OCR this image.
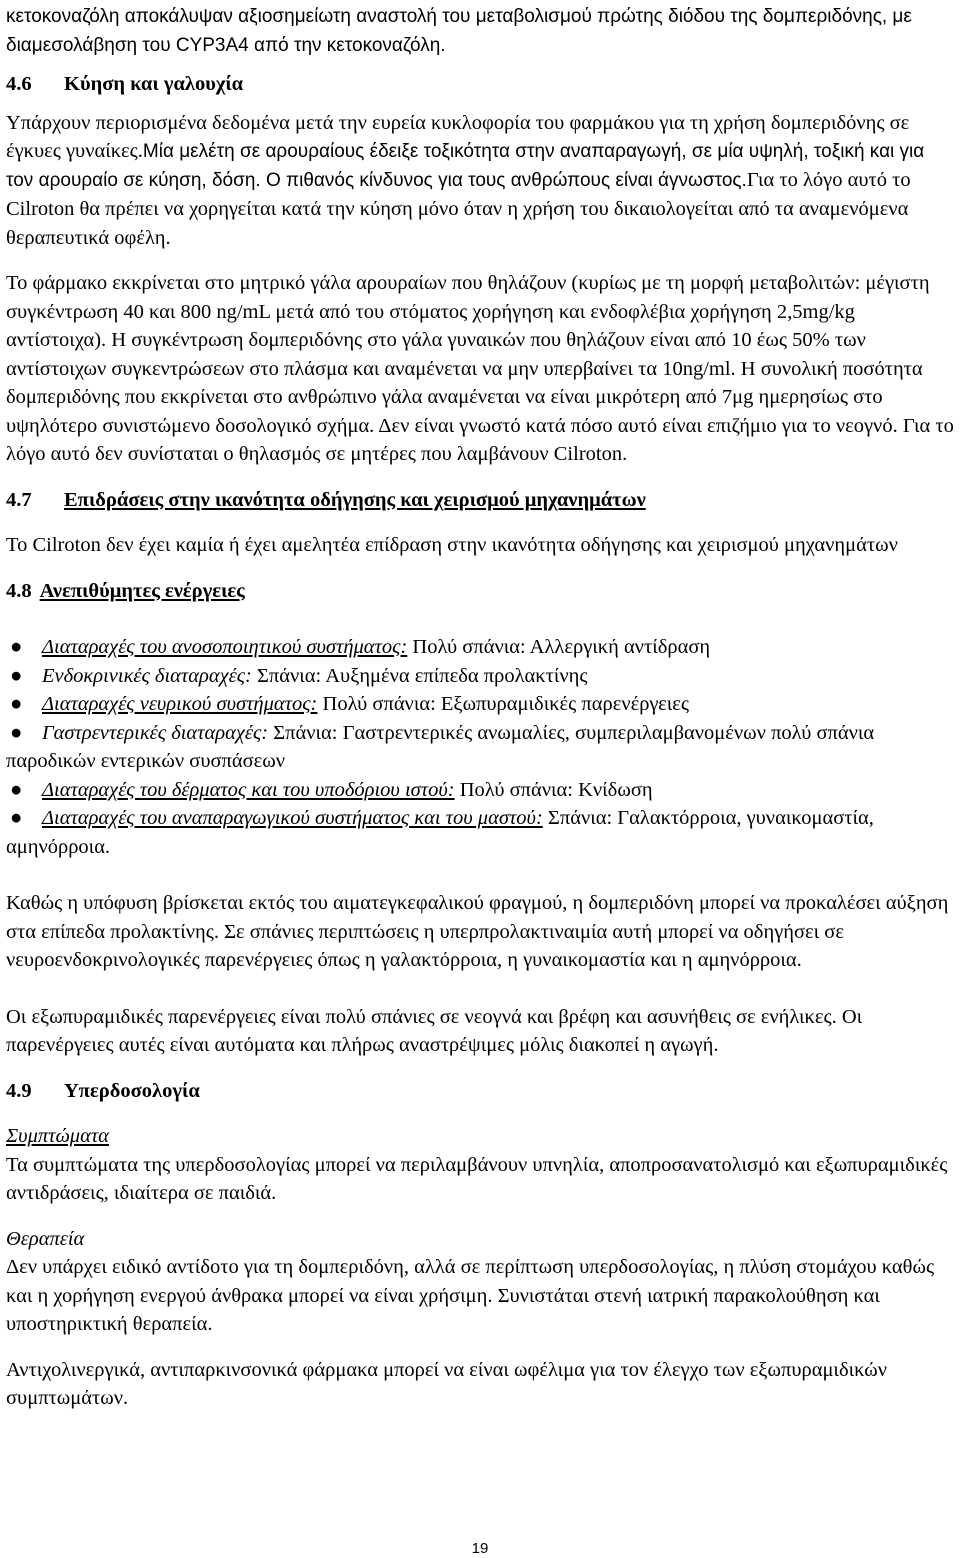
κετοκοναζόλη αποκάλυψαν αξιοσημείωτη αναστολή του μεταβολισμού πρώτης διόδου της δομπεριδόνης, με διαμεσολάβηση του CYP3A4 από την κετοκοναζόλη.

4.6	Κύηση και γαλουχία

Υπάρχουν περιορισμένα δεδομένα μετά την ευρεία κυκλοφορία του φαρμάκου για τη χρήση δομπεριδόνης σε έγκυες γυναίκες. Μία μελέτη σε αρουραίους έδειξε τοξικότητα στην αναπαραγωγή, σε μία υψηλή, τοξική και για τον αρουραίο σε κύηση, δόση. Ο πιθανός κίνδυνος για τους ανθρώπους είναι άγνωστος. Για το λόγο αυτό το Cilroton θα πρέπει να χορηγείται κατά την κύηση μόνο όταν η χρήση του δικαιολογείται από τα αναμενόμενα θεραπευτικά οφέλη.

Το φάρμακο εκκρίνεται στο μητρικό γάλα αρουραίων που θηλάζουν (κυρίως με τη μορφή μεταβολιτών: μέγιστη συγκέντρωση 40 και 800 ng/mL μετά από του στόματος χορήγηση και ενδοφλέβια χορήγηση 2,5mg/kg αντίστοιχα). Η συγκέντρωση δομπεριδόνης στο γάλα γυναικών που θηλάζουν είναι από 10 έως 50% των αντίστοιχων συγκεντρώσεων στο πλάσμα και αναμένεται να μην υπερβαίνει τα 10ng/ml. Η συνολική ποσότητα δομπεριδόνης που εκκρίνεται στο ανθρώπινο γάλα αναμένεται να είναι μικρότερη από 7μg ημερησίως στο υψηλότερο συνιστώμενο δοσολογικό σχήμα. Δεν είναι γνωστό κατά πόσο αυτό είναι επιζήμιο για το νεογνό. Για το λόγο αυτό δεν συνίσταται ο θηλασμός σε μητέρες που λαμβάνουν Cilroton.

4.7	Επιδράσεις στην ικανότητα οδήγησης και χειρισμού μηχανημάτων

Το Cilroton δεν έχει καμία ή έχει αμελητέα επίδραση στην ικανότητα οδήγησης και χειρισμού μηχανημάτων

4.8 Ανεπιθύμητες ενέργειες
● Διαταραχές του ανοσοποιητικού συστήματος: Πολύ σπάνια: Αλλεργική αντίδραση
● Ενδοκρινικές διαταραχές: Σπάνια: Αυξημένα επίπεδα προλακτίνης
● Διαταραχές νευρικού συστήματος: Πολύ σπάνια: Εξωπυραμιδικές παρενέργειες
● Γαστρεντερικές διαταραχές: Σπάνια: Γαστρεντερικές ανωμαλίες, συμπεριλαμβανομένων πολύ σπάνια παροδικών εντερικών συσπάσεων
● Διαταραχές του δέρματος και του υποδόριου ιστού: Πολύ σπάνια: Κνίδωση
● Διαταραχές του αναπαραγωγικού συστήματος και του μαστού: Σπάνια: Γαλακτόρροια, γυναικομαστία, αμηνόρροια.

Καθώς η υπόφυση βρίσκεται εκτός του αιματεγκεφαλικού φραγμού, η δομπεριδόνη μπορεί να προκαλέσει αύξηση στα επίπεδα προλακτίνης. Σε σπάνιες περιπτώσεις η υπερπρολακτιναιμία αυτή μπορεί να οδηγήσει σε νευροενδοκρινολογικές παρενέργειες όπως η γαλακτόρροια, η γυναικομαστία και η αμηνόρροια.

Οι εξωπυραμιδικές παρενέργειες είναι πολύ σπάνιες σε νεογνά και βρέφη και ασυνήθεις σε ενήλικες. Οι παρενέργειες αυτές είναι αυτόματα και πλήρως αναστρέψιμες μόλις διακοπεί η αγωγή.

4.9	Υπερδοσολογία

Συμπτώματα

Τα συμπτώματα της υπερδοσολογίας μπορεί να περιλαμβάνουν υπνηλία, αποπροσανατολισμό και εξωπυραμιδικές αντιδράσεις, ιδιαίτερα σε παιδιά.

Θεραπεία

Δεν υπάρχει ειδικό αντίδοτο για τη δομπεριδόνη, αλλά σε περίπτωση υπερδοσολογίας, η πλύση στομάχου καθώς και η χορήγηση ενεργού άνθρακα μπορεί να είναι χρήσιμη. Συνιστάται στενή ιατρική παρακολούθηση και υποστηρικτική θεραπεία.

Αντιχολινεργικά, αντιπαρκινσονικά φάρμακα μπορεί να είναι ωφέλιμα για τον έλεγχο των εξωπυραμιδικών συμπτωμάτων.

19
